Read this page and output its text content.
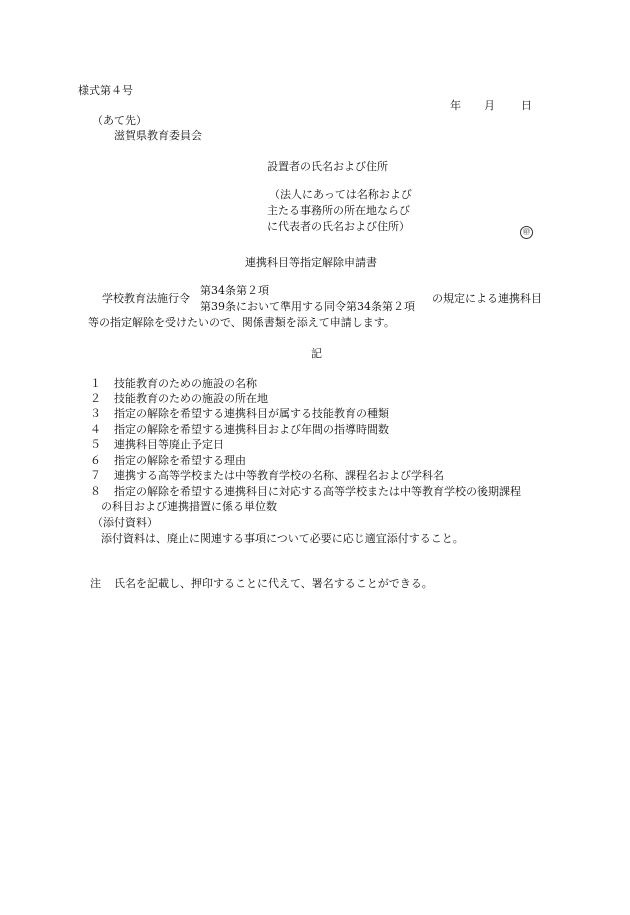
様式第４号
年 月 日
（あて先）
滋賀県教育委員会
設置者の氏名および住所
（法人にあっては名称および
主たる事務所の所在地ならび
に代表者の氏名および住所）	㊞
連携科目等指定解除申請書
学校教育法施行令
第34条第２項
第39条において準用する同令第34条第２項
の規定による連携科目
等の指定解除を受けたいので、関係書類を添えて申請します。
記
１ 技能教育のための施設の名称
２ 技能教育のための施設の所在地
３ 指定の解除を希望する連携科目が属する技能教育の種類
４ 指定の解除を希望する連携科目および年間の指導時間数
５ 連携科目等廃止予定日
６ 指定の解除を希望する理由
７ 連携する高等学校または中等教育学校の名称、課程名および学科名
８ 指定の解除を希望する連携科目に対応する高等学校または中等教育学校の後期課程
の科目および連携措置に係る単位数
（添付資料）
添付資料は、廃止に関連する事項について必要に応じ適宜添付すること。
注 氏名を記載し、押印することに代えて、署名することができる。
